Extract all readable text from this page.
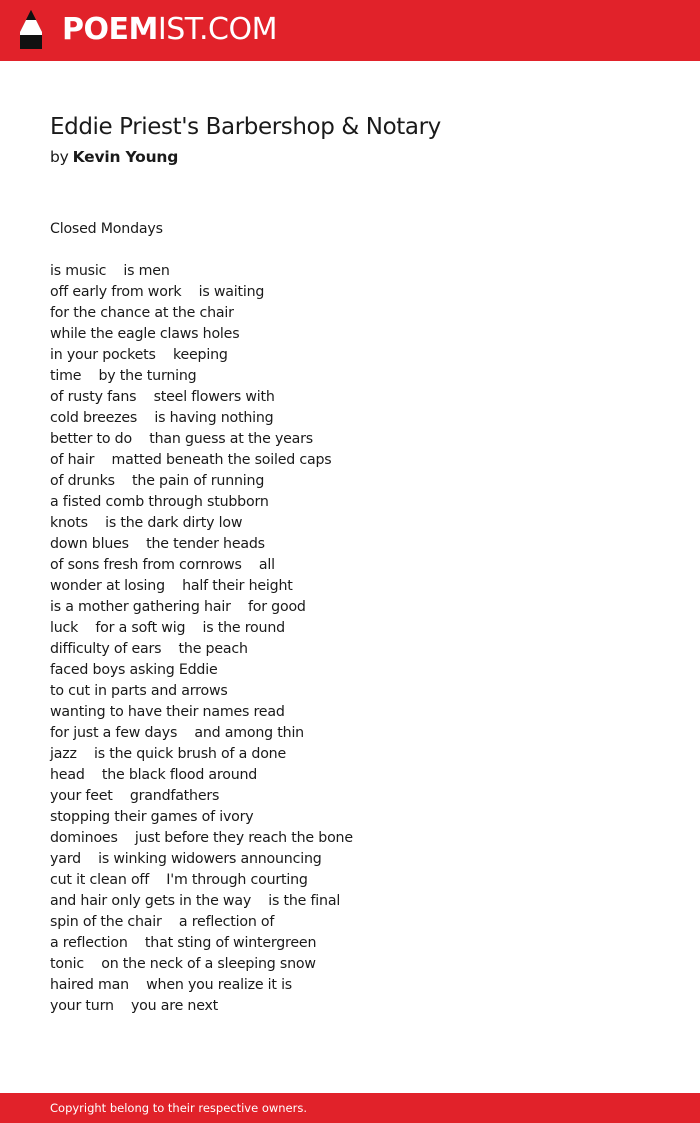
POEMIST.COM
Eddie Priest's Barbershop & Notary
by Kevin Young
Closed Mondays
is music    is men
off early from work    is waiting
for the chance at the chair
while the eagle claws holes
in your pockets    keeping
time    by the turning
of rusty fans    steel flowers with
cold breezes    is having nothing
better to do    than guess at the years
of hair    matted beneath the soiled caps
of drunks    the pain of running
a fisted comb through stubborn
knots    is the dark dirty low
down blues    the tender heads
of sons fresh from cornrows    all
wonder at losing    half their height
is a mother gathering hair    for good
luck    for a soft wig    is the round
difficulty of ears    the peach
faced boys asking Eddie
to cut in parts and arrows
wanting to have their names read
for just a few days    and among thin
jazz    is the quick brush of a done
head    the black flood around
your feet    grandfathers
stopping their games of ivory
dominoes    just before they reach the bone
yard    is winking widowers announcing
cut it clean off    I'm through courting
and hair only gets in the way    is the final
spin of the chair    a reflection of
a reflection    that sting of wintergreen
tonic    on the neck of a sleeping snow
haired man    when you realize it is
your turn    you are next
Copyright belong to their respective owners.
